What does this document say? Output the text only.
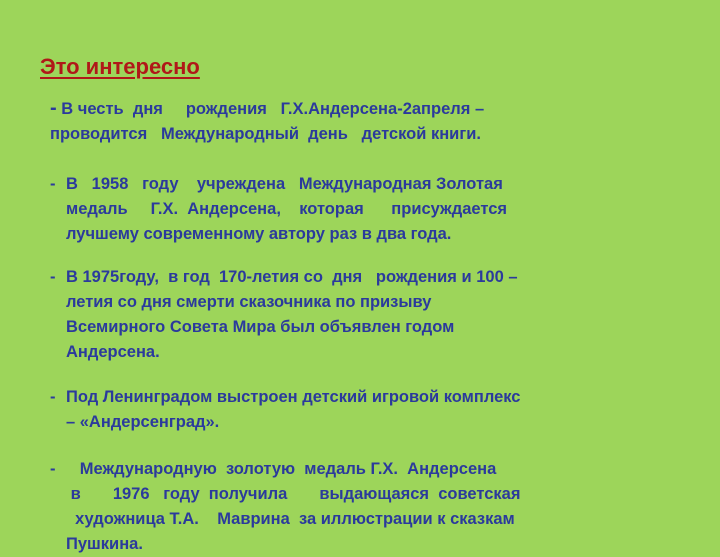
Это интересно

- В честь  дня     рождения   Г.Х.Андерсена-2апреля –
проводится   Международный  день   детской книги.

- В   1958   году    учреждена   Международная Золотая
медаль     Г.Х.  Андерсена,    которая      присуждается
лучшему современному автору раз в два года.
- В 1975году,  в год  170-летия со  дня   рождения и 100 –
летия со дня смерти сказочника по призыву
Всемирного Совета Мира был объявлен годом
Андерсена.
- Под Ленинградом выстроен детский игровой комплекс
– «Андерсенград».
- Международную  золотую  медаль Г.Х.  Андерсена
в       1976   году  получила       выдающаяся  советская
художница Т.А.    Маврина  за иллюстрации к сказкам
Пушкина.
